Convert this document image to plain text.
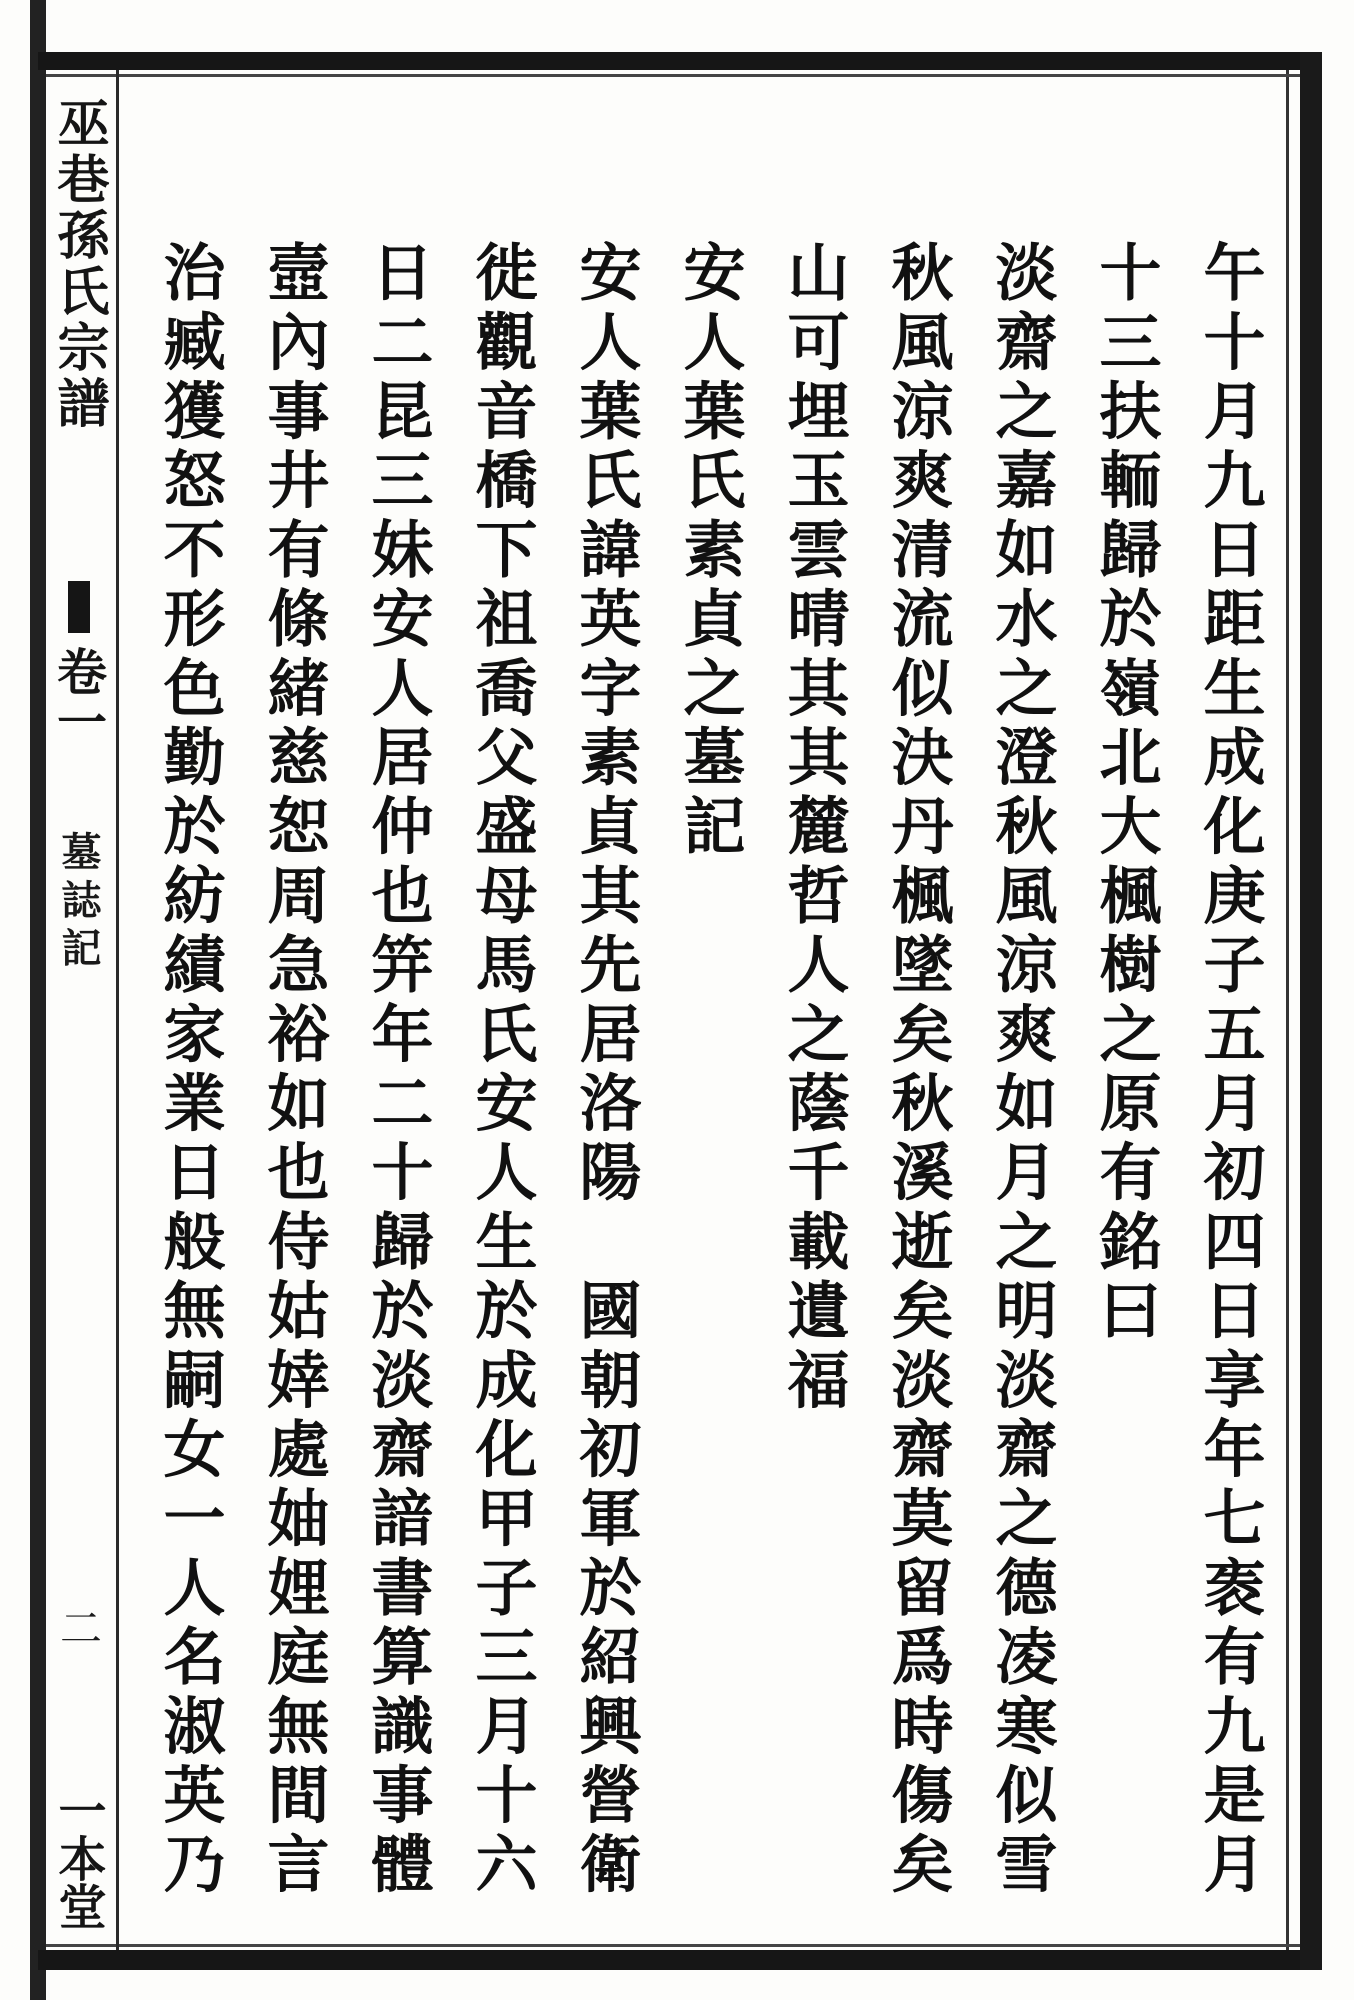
巫巷孫氏宗譜
卷一
墓誌記
二
一本堂	午十月九日距生成化庚子五月初四日享年七袠有九是月
十三扶輀歸於嶺北大楓樹之原有銘曰
淡齋之嘉如水之澄秋風涼爽如月之明淡齋之德凌寒似雪
秋風涼爽清流似決丹楓墜矣秋溪逝矣淡齋莫留爲時傷矣
山可埋玉雲晴其其麓哲人之蔭千載遺福
安人葉氏素貞之墓記
安人葉氏諱英字素貞其先居洛陽　國朝初軍於紹興營衛
徙觀音橋下祖喬父盛母馬氏安人生於成化甲子三月十六
日二昆三妹安人居仲也笄年二十歸於淡齋諳書算識事體
壼內事井有條緒慈恕周急裕如也侍姑婞處妯娌庭無間言
治臧獲怒不形色勤於紡績家業日般無嗣女一人名淑英乃
